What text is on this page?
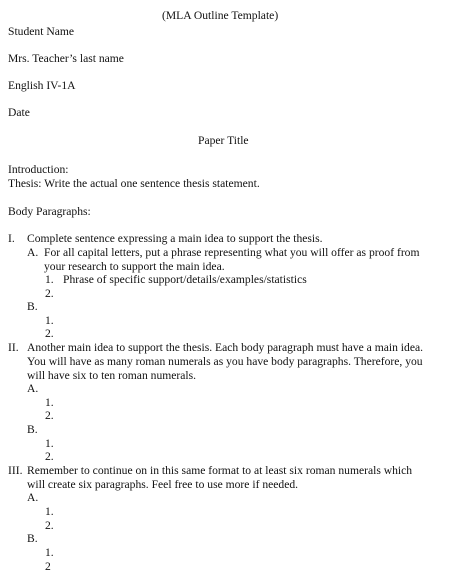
(MLA Outline Template)
Student Name
Mrs. Teacher’s last name
English IV-1A
Date
Paper Title
Introduction:
Thesis: Write the actual one sentence thesis statement.
Body Paragraphs:
I. Complete sentence expressing a main idea to support the thesis.
A. For all capital letters, put a phrase representing what you will offer as proof from
your research to support the main idea.
1. Phrase of specific support/details/examples/statistics
2.
B.
1.
2.
II. Another main idea to support the thesis. Each body paragraph must have a main idea.
You will have as many roman numerals as you have body paragraphs. Therefore, you
will have six to ten roman numerals.
A.
1.
2.
B.
1.
2.
III. Remember to continue on in this same format to at least six roman numerals which
will create six paragraphs. Feel free to use more if needed.
A.
1.
2.
B.
1.
2
